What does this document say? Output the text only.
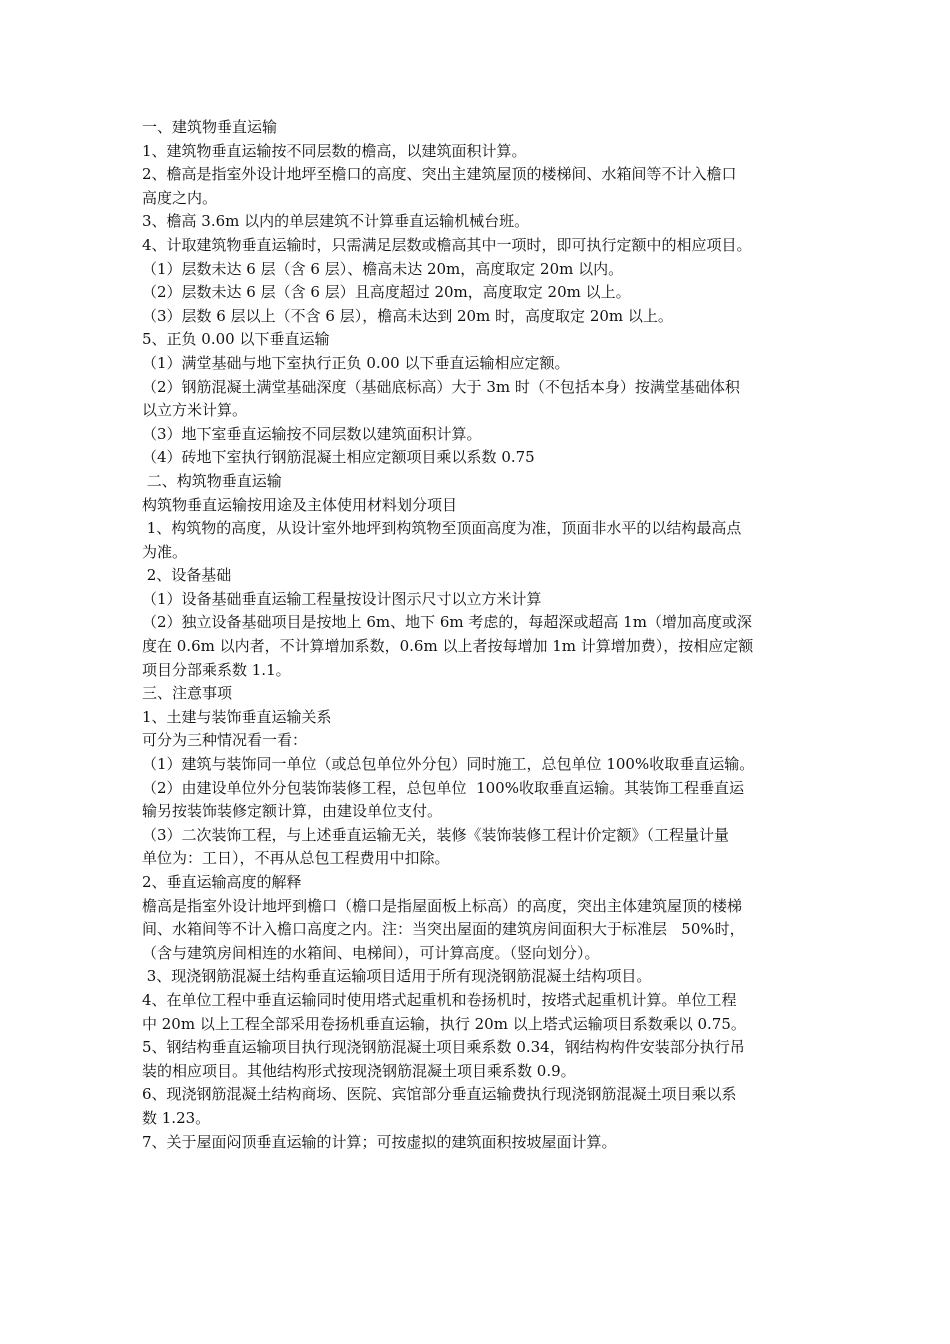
一、建筑物垂直运输
1、建筑物垂直运输按不同层数的檐高，以建筑面积计算。
2、檐高是指室外设计地坪至檐口的高度、突出主建筑屋顶的楼梯间、水箱间等不计入檐口
高度之内。
3、檐高 3.6m 以内的单层建筑不计算垂直运输机械台班。
4、计取建筑物垂直运输时，只需满足层数或檐高其中一项时，即可执行定额中的相应项目。
（1）层数未达 6 层（含 6 层）、檐高未达 20m，高度取定 20m 以内。
（2）层数未达 6 层（含 6 层）且高度超过 20m，高度取定 20m 以上。
（3）层数 6 层以上（不含 6 层），檐高未达到 20m 时，高度取定 20m 以上。
5、正负 0.00 以下垂直运输
（1）满堂基础与地下室执行正负 0.00 以下垂直运输相应定额。
（2）钢筋混凝土满堂基础深度（基础底标高）大于 3m 时（不包括本身）按满堂基础体积
以立方米计算。
（3）地下室垂直运输按不同层数以建筑面积计算。
（4）砖地下室执行钢筋混凝土相应定额项目乘以系数 0.75
二、构筑物垂直运输
构筑物垂直运输按用途及主体使用材料划分项目
1、构筑物的高度，从设计室外地坪到构筑物至顶面高度为准，顶面非水平的以结构最高点
为准。
2、设备基础
（1）设备基础垂直运输工程量按设计图示尺寸以立方米计算
（2）独立设备基础项目是按地上 6m、地下 6m 考虑的，每超深或超高 1m（增加高度或深
度在 0.6m 以内者，不计算增加系数，0.6m 以上者按每增加 1m 计算增加费），按相应定额
项目分部乘系数 1.1。
三、注意事项
1、土建与装饰垂直运输关系
可分为三种情况看一看：
（1）建筑与装饰同一单位（或总包单位外分包）同时施工，总包单位 100%收取垂直运输。
（2）由建设单位外分包装饰装修工程，总包单位  100%收取垂直运输。其装饰工程垂直运
输另按装饰装修定额计算，由建设单位支付。
（3）二次装饰工程，与上述垂直运输无关，装修《装饰装修工程计价定额》（工程量计量
单位为：工日），不再从总包工程费用中扣除。
2、垂直运输高度的解释
檐高是指室外设计地坪到檐口（檐口是指屋面板上标高）的高度，突出主体建筑屋顶的楼梯
间、水箱间等不计入檐口高度之内。注：当突出屋面的建筑房间面积大于标准层   50%时，
（含与建筑房间相连的水箱间、电梯间），可计算高度。（竖向划分）。
3、现浇钢筋混凝土结构垂直运输项目适用于所有现浇钢筋混凝土结构项目。
4、在单位工程中垂直运输同时使用塔式起重机和卷扬机时，按塔式起重机计算。单位工程
中 20m 以上工程全部采用卷扬机垂直运输，执行 20m 以上塔式运输项目系数乘以 0.75。
5、钢结构垂直运输项目执行现浇钢筋混凝土项目乘系数 0.34，钢结构构件安装部分执行吊
装的相应项目。其他结构形式按现浇钢筋混凝土项目乘系数 0.9。
6、现浇钢筋混凝土结构商场、医院、宾馆部分垂直运输费执行现浇钢筋混凝土项目乘以系
数 1.23。
7、关于屋面闷顶垂直运输的计算；可按虚拟的建筑面积按坡屋面计算。
